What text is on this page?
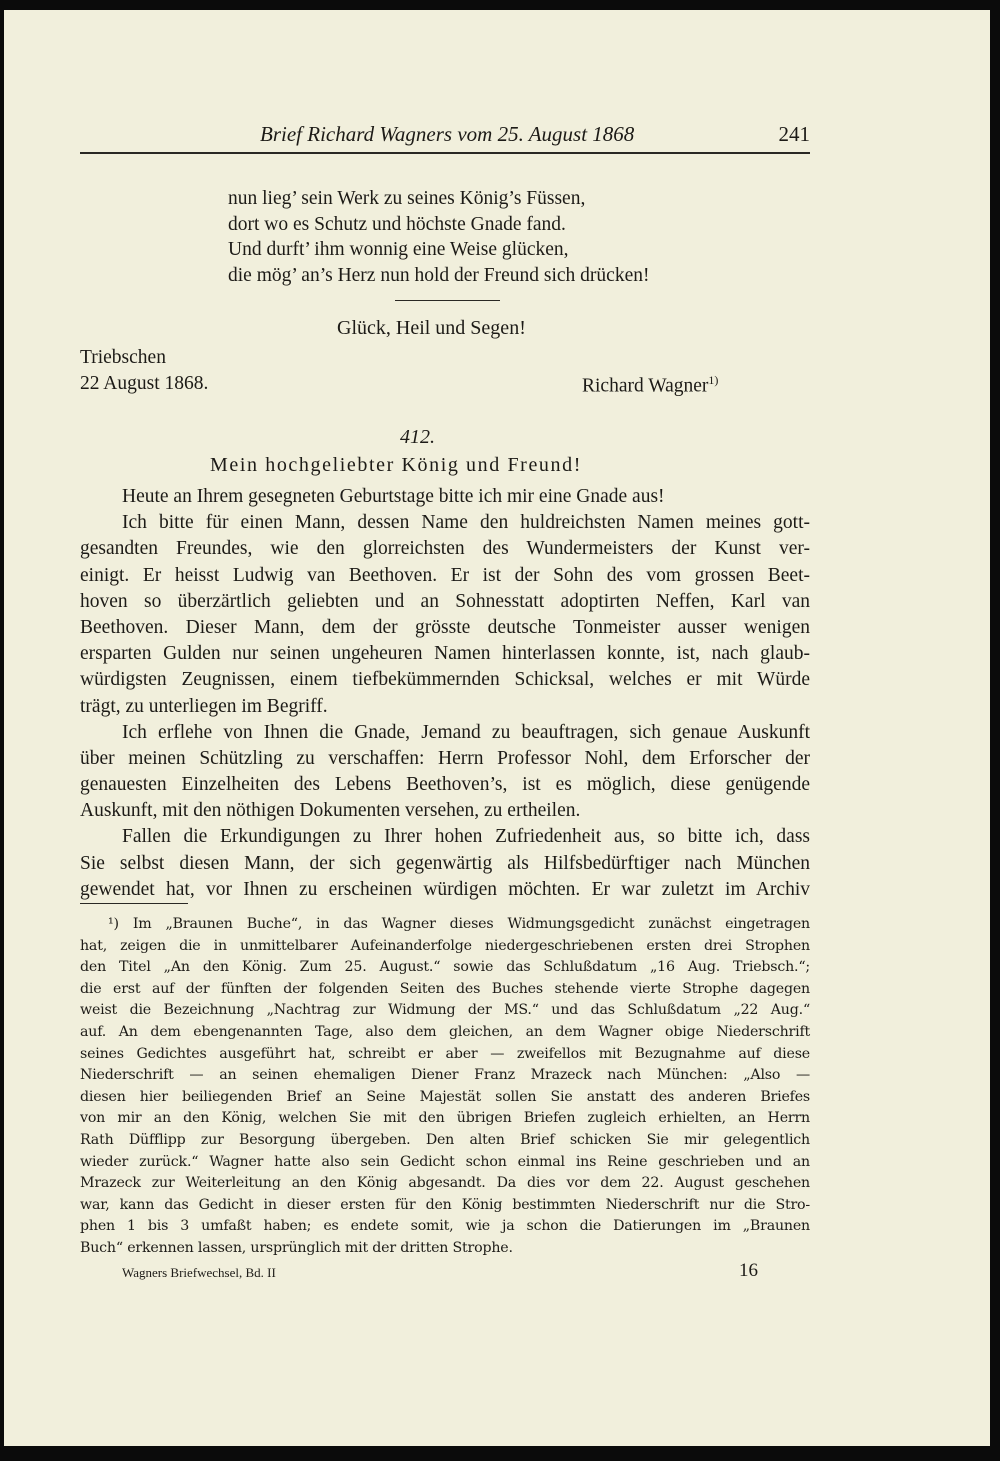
Brief Richard Wagners vom 25. August 1868	241
nun lieg’ sein Werk zu seines König’s Füssen,
dort wo es Schutz und höchste Gnade fand.
Und durft’ ihm wonnig eine Weise glücken,
die mög’ an’s Herz nun hold der Freund sich drücken!
Glück, Heil und Segen!
Triebschen
22 August 1868.	Richard Wagner$^{1)}$
412.
Mein hochgeliebter König und Freund!
Heute an Ihrem gesegneten Geburtstage bitte ich mir eine Gnade aus!
Ich bitte für einen Mann, dessen Name den huldreichsten Namen meines gott-
gesandten Freundes, wie den glorreichsten des Wundermeisters der Kunst ver-
einigt. Er heisst Ludwig van Beethoven. Er ist der Sohn des vom grossen Beet-
hoven so überzärtlich geliebten und an Sohnesstatt adoptirten Neffen, Karl van
Beethoven. Dieser Mann, dem der grösste deutsche Tonmeister ausser wenigen
ersparten Gulden nur seinen ungeheuren Namen hinterlassen konnte, ist, nach glaub-
würdigsten Zeugnissen, einem tiefbekümmernden Schicksal, welches er mit Würde
trägt, zu unterliegen im Begriff.
Ich erflehe von Ihnen die Gnade, Jemand zu beauftragen, sich genaue Auskunft
über meinen Schützling zu verschaffen: Herrn Professor Nohl, dem Erforscher der
genauesten Einzelheiten des Lebens Beethoven’s, ist es möglich, diese genügende
Auskunft, mit den nöthigen Dokumenten versehen, zu ertheilen.
Fallen die Erkundigungen zu Ihrer hohen Zufriedenheit aus, so bitte ich, dass
Sie selbst diesen Mann, der sich gegenwärtig als Hilfsbedürftiger nach München
gewendet hat, vor Ihnen zu erscheinen würdigen möchten. Er war zuletzt im Archiv
¹) Im „Braunen Buche“, in das Wagner dieses Widmungsgedicht zunächst eingetragen
hat, zeigen die in unmittelbarer Aufeinanderfolge niedergeschriebenen ersten drei Strophen
den Titel „An den König. Zum 25. August.“ sowie das Schlußdatum „16 Aug. Triebsch.“;
die erst auf der fünften der folgenden Seiten des Buches stehende vierte Strophe dagegen
weist die Bezeichnung „Nachtrag zur Widmung der MS.“ und das Schlußdatum „22 Aug.“
auf. An dem ebengenannten Tage, also dem gleichen, an dem Wagner obige Niederschrift
seines Gedichtes ausgeführt hat, schreibt er aber — zweifellos mit Bezugnahme auf diese
Niederschrift — an seinen ehemaligen Diener Franz Mrazeck nach München: „Also —
diesen hier beiliegenden Brief an Seine Majestät sollen Sie anstatt des anderen Briefes
von mir an den König, welchen Sie mit den übrigen Briefen zugleich erhielten, an Herrn
Rath Düfflipp zur Besorgung übergeben. Den alten Brief schicken Sie mir gelegentlich
wieder zurück.“ Wagner hatte also sein Gedicht schon einmal ins Reine geschrieben und an
Mrazeck zur Weiterleitung an den König abgesandt. Da dies vor dem 22. August geschehen
war, kann das Gedicht in dieser ersten für den König bestimmten Niederschrift nur die Stro-
phen 1 bis 3 umfaßt haben; es endete somit, wie ja schon die Datierungen im „Braunen
Buch“ erkennen lassen, ursprünglich mit der dritten Strophe.
Wagners Briefwechsel, Bd. II	16
